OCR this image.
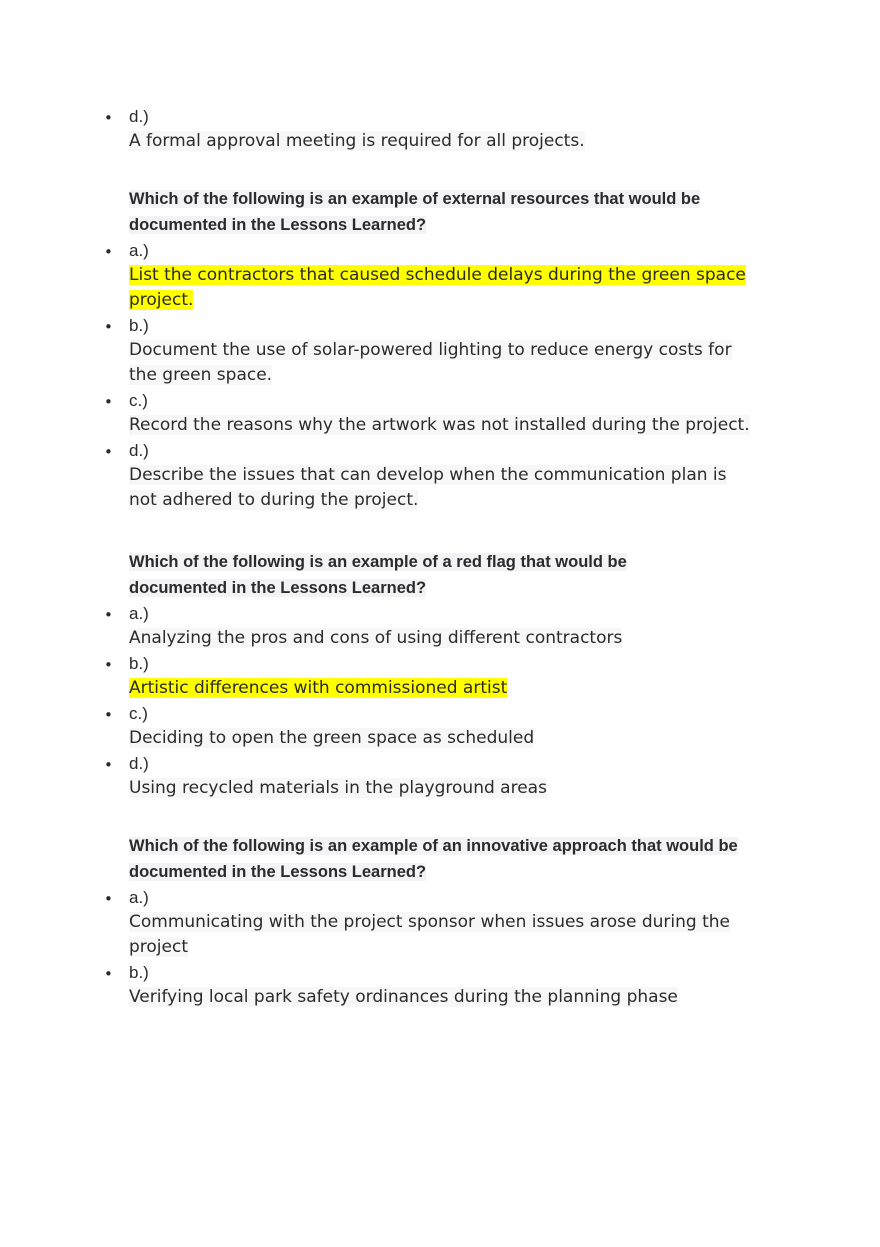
• d.)
A formal approval meeting is required for all projects.
Which of the following is an example of external resources that would be documented in the Lessons Learned?
• a.)
List the contractors that caused schedule delays during the green space project.
• b.)
Document the use of solar-powered lighting to reduce energy costs for the green space.
• c.)
Record the reasons why the artwork was not installed during the project.
• d.)
Describe the issues that can develop when the communication plan is not adhered to during the project.
Which of the following is an example of a red flag that would be documented in the Lessons Learned?
• a.)
Analyzing the pros and cons of using different contractors
• b.)
Artistic differences with commissioned artist
• c.)
Deciding to open the green space as scheduled
• d.)
Using recycled materials in the playground areas
Which of the following is an example of an innovative approach that would be documented in the Lessons Learned?
• a.)
Communicating with the project sponsor when issues arose during the project
• b.)
Verifying local park safety ordinances during the planning phase
